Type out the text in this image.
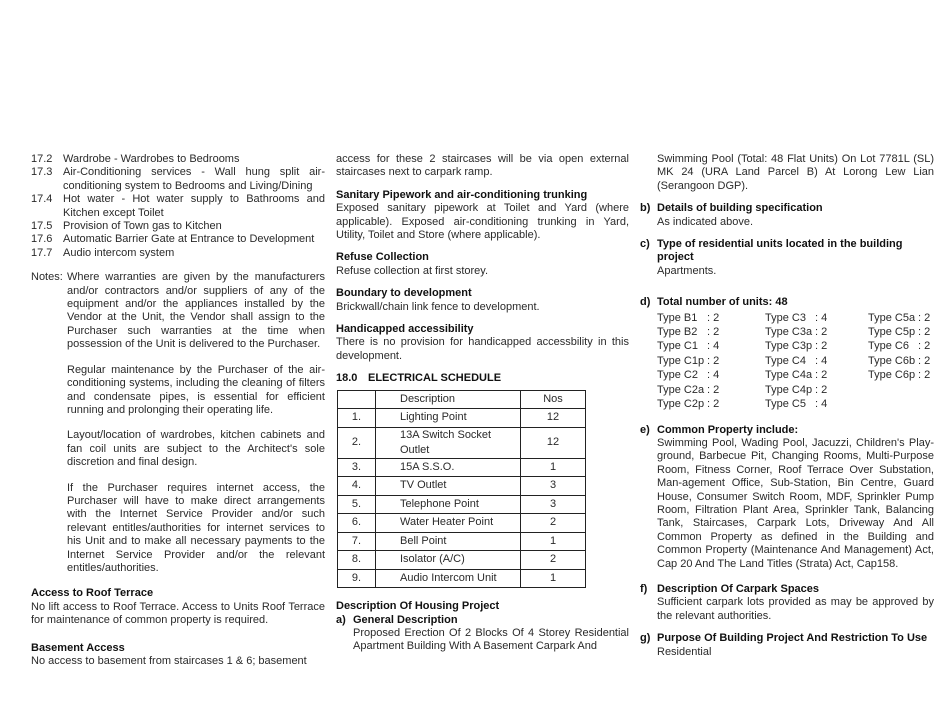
17.2 Wardrobe - Wardrobes to Bedrooms
17.3 Air-Conditioning services - Wall hung split air-conditioning system to Bedrooms and Living/Dining
17.4 Hot water - Hot water supply to Bathrooms and Kitchen except Toilet
17.5 Provision of Town gas to Kitchen
17.6 Automatic Barrier Gate at Entrance to Development
17.7 Audio intercom system
Notes: Where warranties are given by the manufacturers and/or contractors and/or suppliers of any of the equipment and/or the appliances installed by the Vendor at the Unit, the Vendor shall assign to the Purchaser such warranties at the time when possession of the Unit is delivered to the Purchaser.

Regular maintenance by the Purchaser of the air-conditioning systems, including the cleaning of filters and condensate pipes, is essential for efficient running and prolonging their operating life.

Layout/location of wardrobes, kitchen cabinets and fan coil units are subject to the Architect's sole discretion and final design.

If the Purchaser requires internet access, the Purchaser will have to make direct arrangements with the Internet Service Provider and/or such relevant entitles/authorities for internet services to his Unit and to make all necessary payments to the Internet Service Provider and/or the relevant entitles/authorities.

Access to Roof Terrace

No lift access to Roof Terrace. Access to Units Roof Terrace for maintenance of common property is required.

Basement Access

No access to basement from staircases 1 & 6; basement

access for these 2 staircases will be via open external staircases next to carpark ramp.

Sanitary Pipework and air-conditioning trunking

Exposed sanitary pipework at Toilet and Yard (where applicable). Exposed air-conditioning trunking in Yard, Utility, Toilet and Store (where applicable).

Refuse Collection

Refuse collection at first storey.

Boundary to development

Brickwall/chain link fence to development.

Handicapped accessibility

There is no provision for handicapped accessbility in this development.

18.0 ELECTRICAL SCHEDULE
	Description	Nos
1.	Lighting Point	12
2.	13A Switch Socket Outlet	12
3.	15A S.S.O.	1
4.	TV Outlet	3
5.	Telephone Point	3
6.	Water Heater Point	2
7.	Bell Point	1
8.	Isolator (A/C)	2
9.	Audio Intercom Unit	1
Description Of Housing Project
a) General Description

Proposed Erection Of 2 Blocks Of 4 Storey Residential Apartment Building With A Basement Carpark And

Swimming Pool (Total: 48 Flat Units) On Lot 7781L (SL) MK 24 (URA Land Parcel B) At Lorong Lew Lian (Serangoon DGP).

b) Details of building specification

As indicated above.

c) Type of residential units located in the building project

Apartments.

d) Total number of units: 48
Type B1 : 2
Type B2 : 2
Type C1 : 4
Type C1p : 2
Type C2 : 4
Type C2a : 2
Type C2p : 2
Type C3 : 4
Type C3a : 2
Type C3p : 2
Type C4 : 4
Type C4a : 2
Type C4p : 2
Type C5 : 4
Type C5a : 2
Type C5p : 2
Type C6 : 2
Type C6b : 2
Type C6p : 2
e) Common Property include:

Swimming Pool, Wading Pool, Jacuzzi, Children's Play-ground, Barbecue Pit, Changing Rooms, Multi-Purpose Room, Fitness Corner, Roof Terrace Over Substation, Man-agement Office, Sub-Station, Bin Centre, Guard House, Consumer Switch Room, MDF, Sprinkler Pump Room, Filtration Plant Area, Sprinkler Tank, Balancing Tank, Staircases, Carpark Lots, Driveway And All Common Property as defined in the Building and Common Property (Maintenance And Management) Act, Cap 20 And The Land Titles (Strata) Act, Cap158.

f) Description Of Carpark Spaces

Sufficient carpark lots provided as may be approved by the relevant authorities.

g) Purpose Of Building Project And Restriction To Use

Residential
